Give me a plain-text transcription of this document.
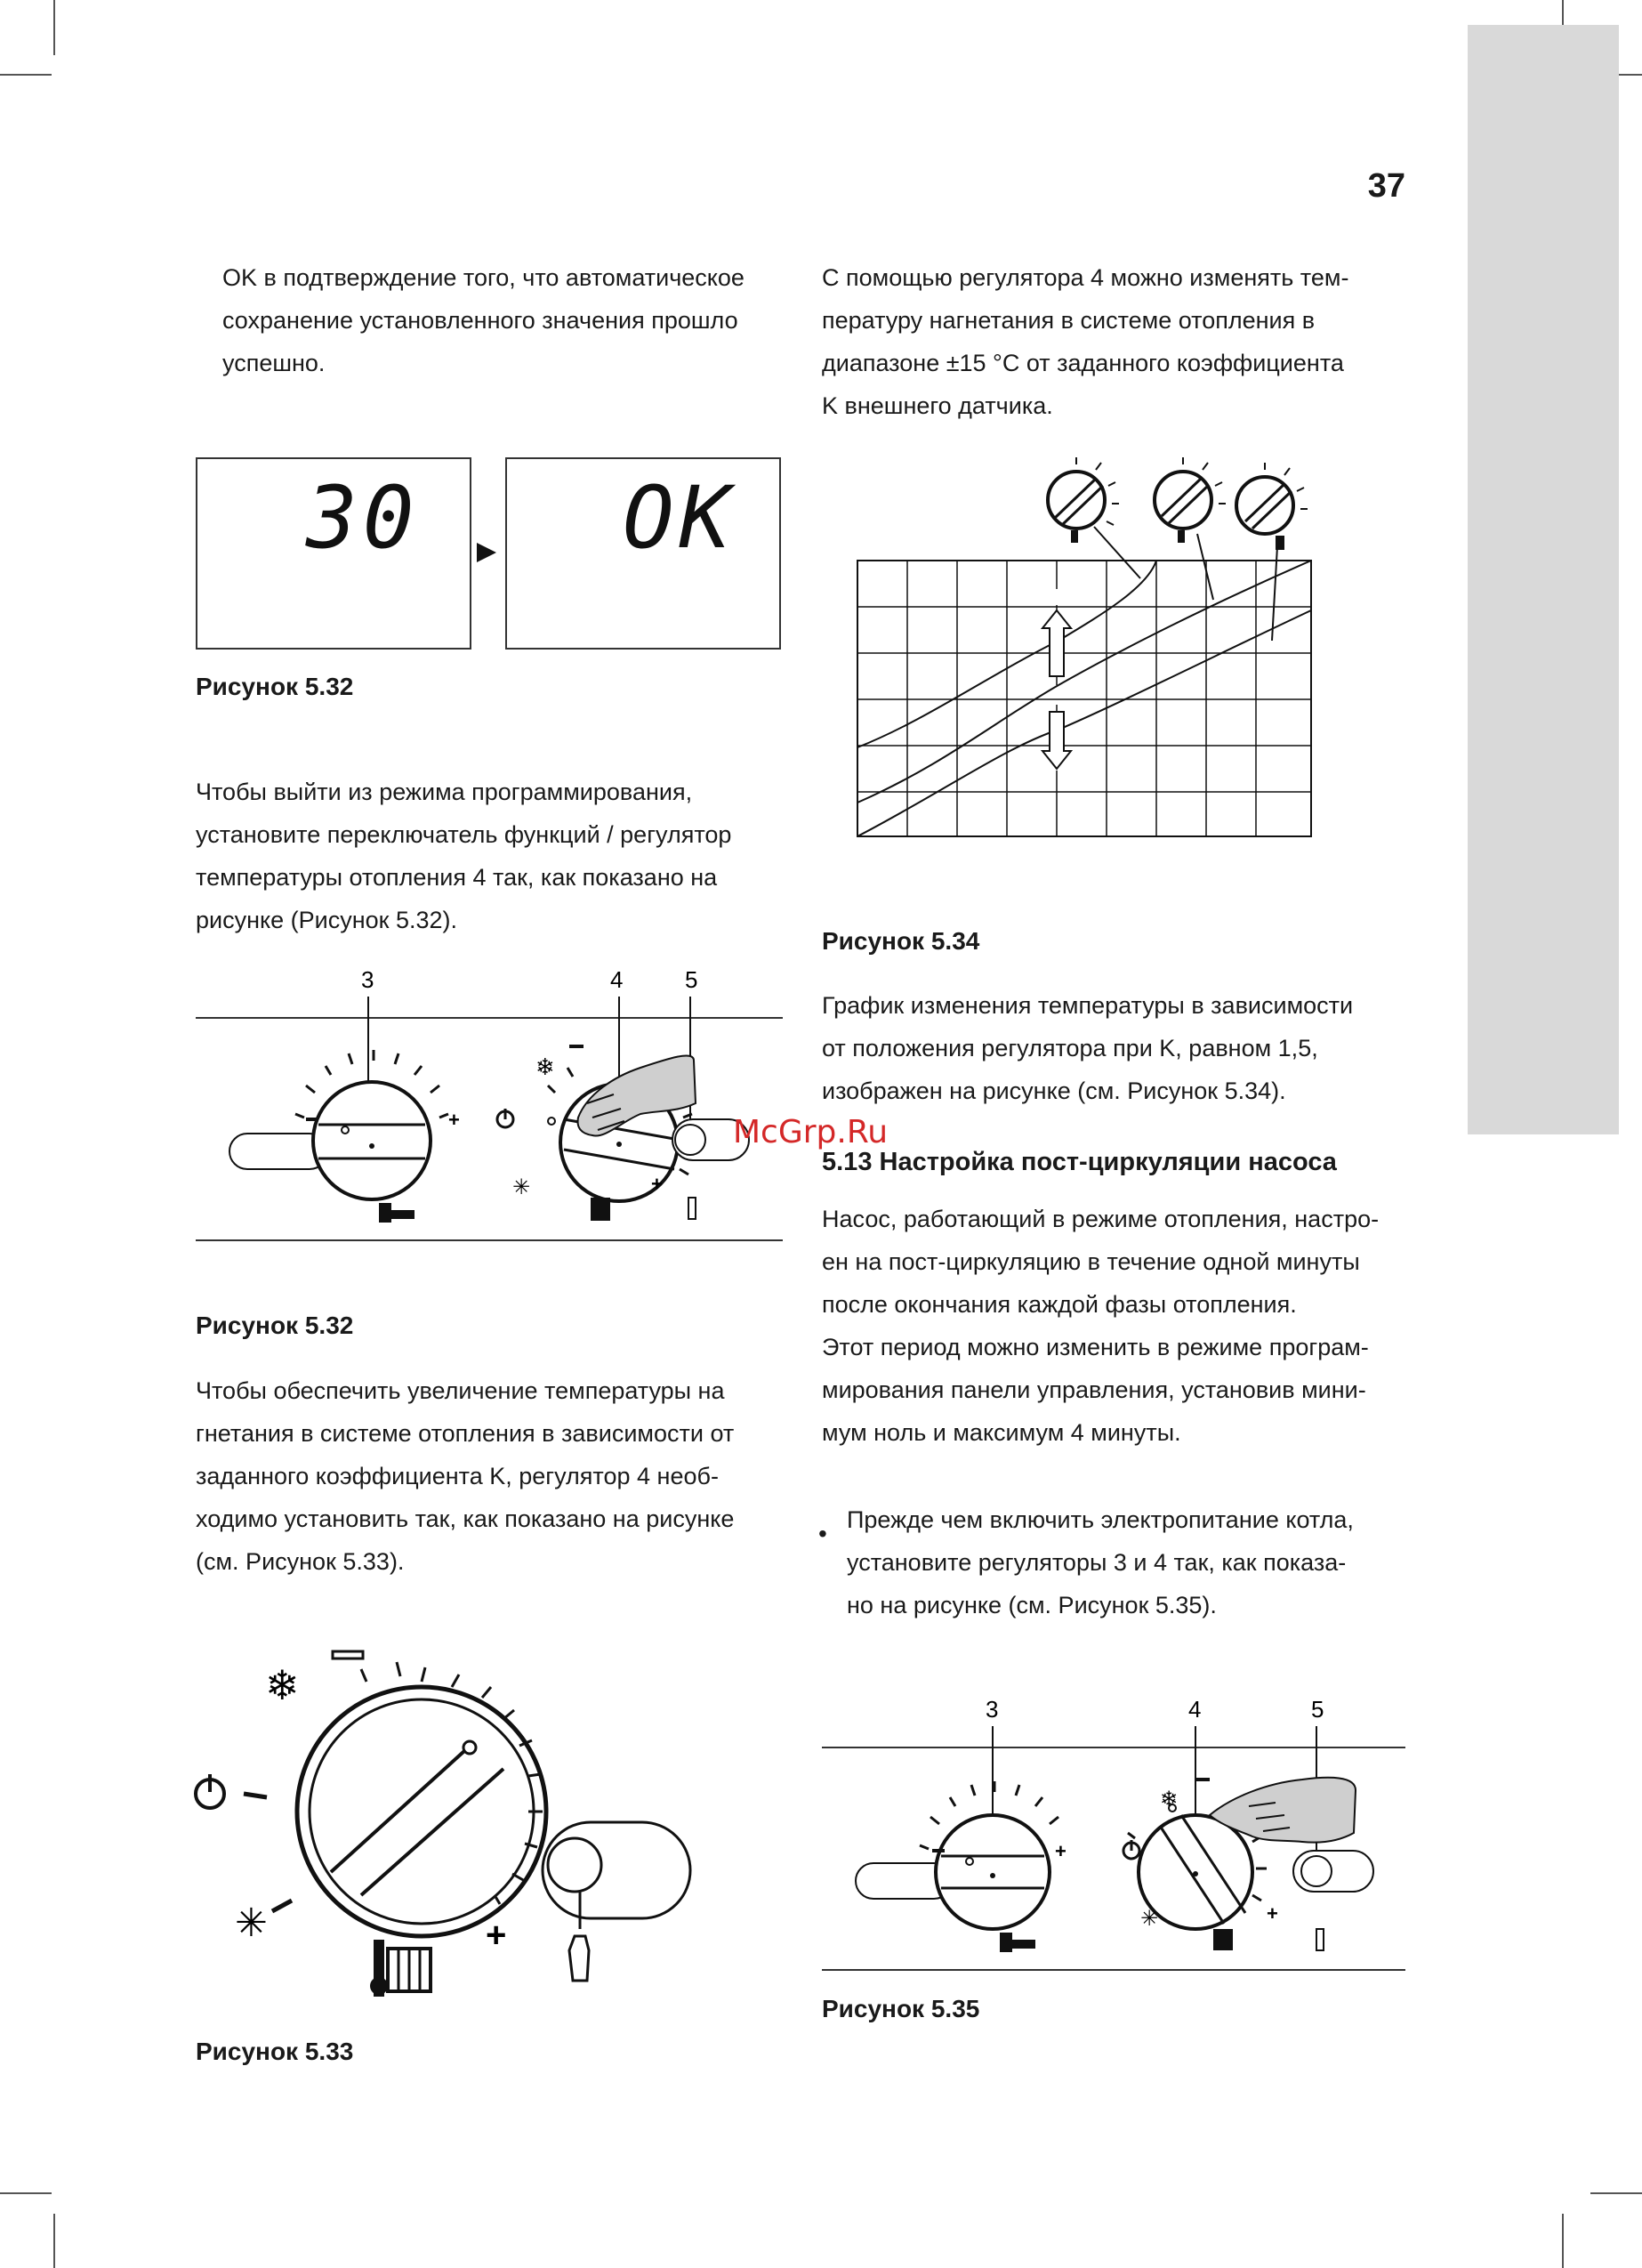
37

OK в подтверждение того, что автоматическое

сохранение установленного значения прошло

успешно.

30 OK
Рисунок 5.32

Чтобы выйти из режима программирования,

установите переключатель функций / регулятор

температуры отопления 4 так, как показано на

рисунке (Рисунок 5.32).

3	4	5
+
❄
✳	+
Рисунок 5.32

Чтобы обеспечить увеличение температуры на

гнетания в системе отопления в зависимости от

заданного коэффициента K, регулятор 4 необ-

ходимо установить так, как показано на рисунке

(см. Рисунок 5.33).

❄
✳	+
Рисунок 5.33

С помощью регулятора 4 можно изменять тем-

пературу нагнетания в системе отопления в

диапазоне ±15 °С от заданного коэффициента

K внешнего датчика.

Рисунок 5.34

График изменения температуры в зависимости

от положения регулятора при K, равном 1,5,

изображен на рисунке (см. Рисунок 5.34).

McGrp.Ru
5.13 Настройка пост-циркуляции насоса

Насос, работающий в режиме отопления, настро-

ен на пост-циркуляцию в течение одной минуты

после окончания каждой фазы отопления.

Этот период можно изменить в режиме програм-

мирования панели управления, установив мини-

мум ноль и максимум 4 минуты.

• Прежде чем включить электропитание котла,

установите регуляторы 3 и 4 так, как показа-

но на рисунке (см. Рисунок 5.35).

3	4	5
+
❄
✳	+
Рисунок 5.35
